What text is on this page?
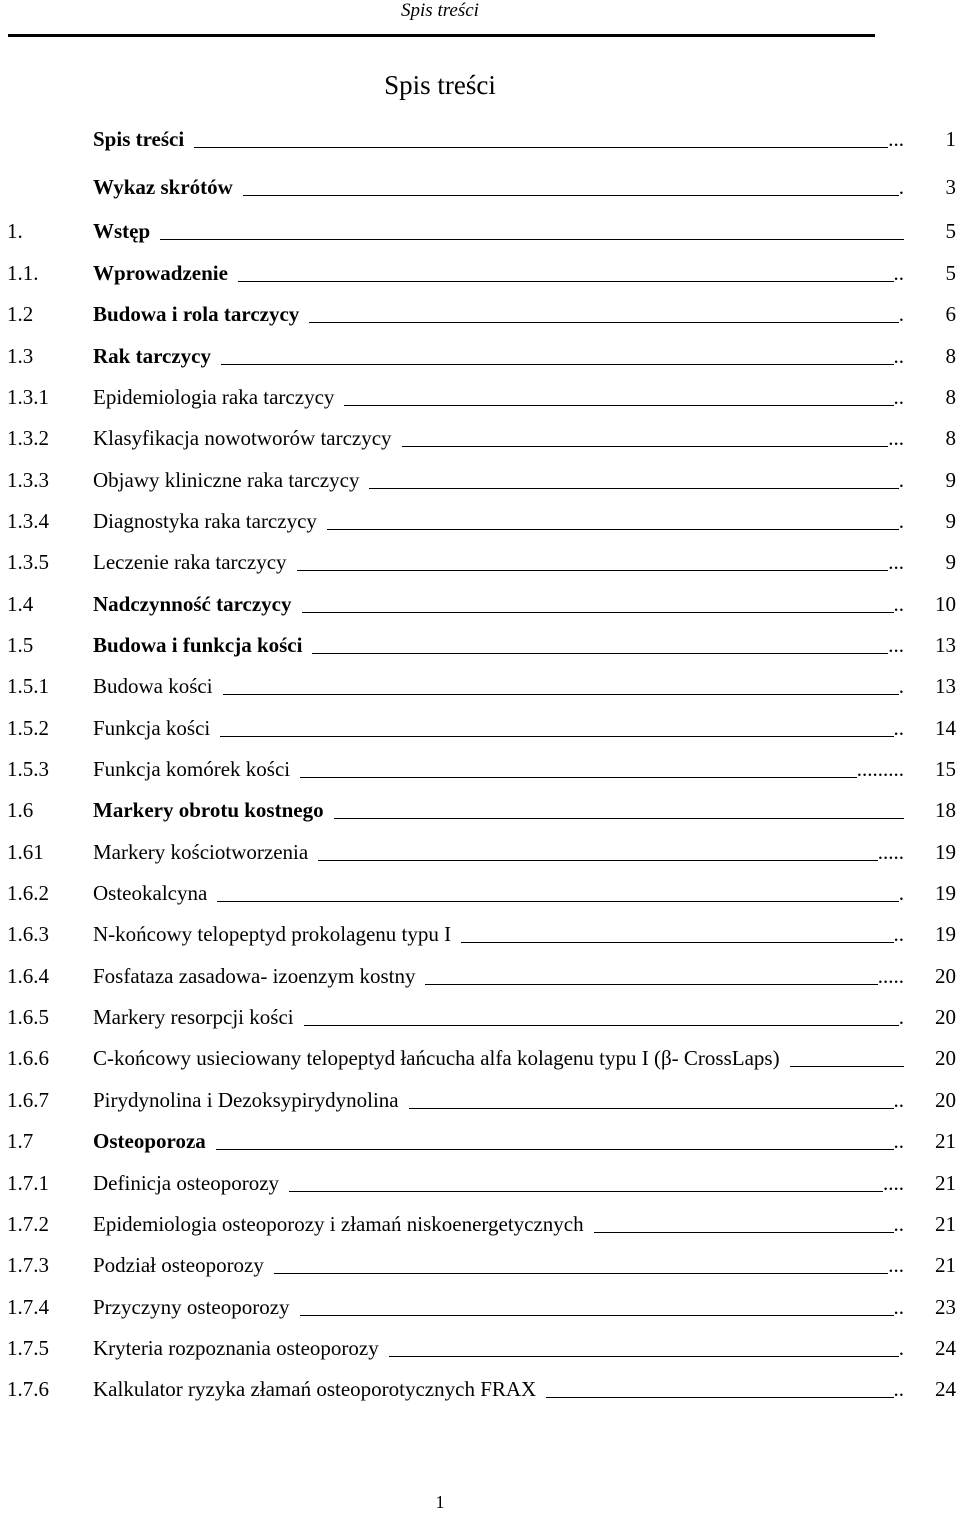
Spis treści
Spis treści
Spis treści	...	1
Wykaz skrótów	.	3
1.	Wstęp	5
1.1.	Wprowadzenie	..	5
1.2	Budowa i rola tarczycy	.	6
1.3	Rak tarczycy	..	8
1.3.1 Epidemiologia raka tarczycy	..	8
1.3.2 Klasyfikacja nowotworów tarczycy	...	8
1.3.3 Objawy kliniczne raka tarczycy	.	9
1.3.4 Diagnostyka raka tarczycy	.	9
1.3.5 Leczenie raka tarczycy	...	9
1.4	Nadczynność tarczycy	..	10
1.5	Budowa i funkcja kości	...	13
1.5.1 Budowa kości	.	13
1.5.2 Funkcja kości	..	14
1.5.3 Funkcja komórek kości	.........	15
1.6	Markery obrotu kostnego	18
1.61 Markery kościotworzenia	.....	19
1.6.2 Osteokalcyna	.	19
1.6.3 N-końcowy telopeptyd prokolagenu typu I	..	19
1.6.4 Fosfataza zasadowa- izoenzym kostny	.....	20
1.6.5 Markery resorpcji kości	.	20
1.6.6 C-końcowy usieciowany telopeptyd łańcucha alfa kolagenu typu I (β- CrossLaps)	20
1.6.7 Pirydynolina i Dezoksypirydynolina	..	20
1.7	Osteoporoza	..	21
1.7.1 Definicja osteoporozy	....	21
1.7.2 Epidemiologia osteoporozy i złamań niskoenergetycznych	..	21
1.7.3 Podział osteoporozy	...	21
1.7.4 Przyczyny osteoporozy	..	23
1.7.5 Kryteria rozpoznania osteoporozy	.	24
1.7.6 Kalkulator ryzyka złamań osteoporotycznych FRAX	..	24
1
